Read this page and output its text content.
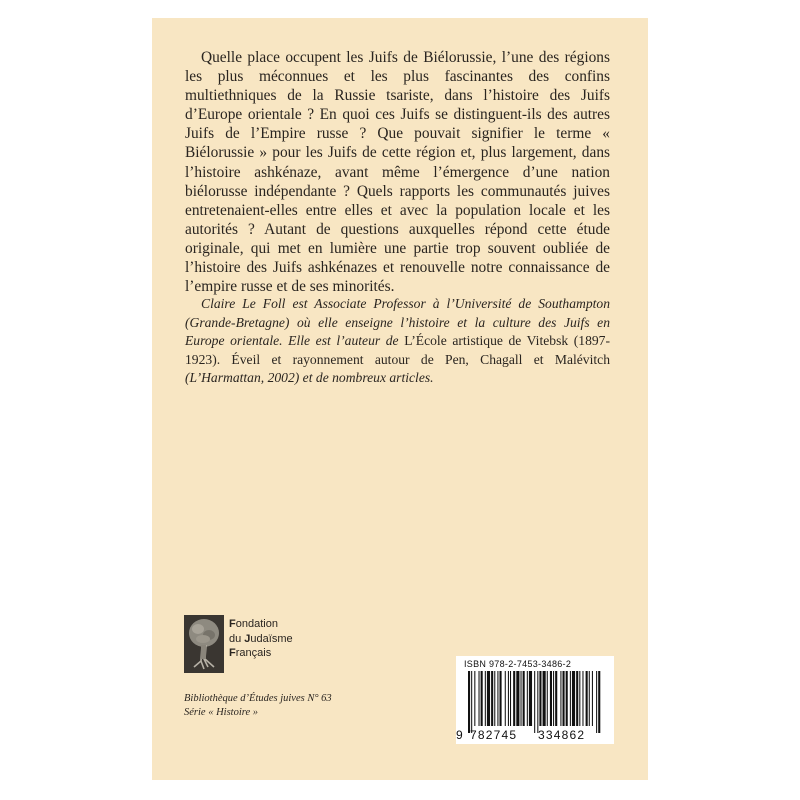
Quelle place occupent les Juifs de Biélorussie, l’une des régions les plus méconnues et les plus fascinantes des confins multiethniques de la Russie tsariste, dans l’histoire des Juifs d’Europe orientale ? En quoi ces Juifs se distinguent-ils des autres Juifs de l’Empire russe ? Que pouvait signifier le terme « Biélorussie » pour les Juifs de cette région et, plus largement, dans l’histoire ashkénaze, avant même l’émergence d’une nation biélorusse indépendante ? Quels rapports les communautés juives entretenaient-elles entre elles et avec la population locale et les autorités ? Autant de questions auxquelles répond cette étude originale, qui met en lumière une partie trop souvent oubliée de l’histoire des Juifs ashkénazes et renouvelle notre connaissance de l’empire russe et de ses minorités.

Claire Le Foll est Associate Professor à l’Université de Southampton (Grande-Bretagne) où elle enseigne l’histoire et la culture des Juifs en Europe orientale. Elle est l’auteur de L’École artistique de Vitebsk (1897-1923). Éveil et rayonnement autour de Pen, Chagall et Malévitch (L’Harmattan, 2002) et de nombreux articles.

Fondation
du Judaïsme
Français
Bibliothèque d’Études juives N° 63
Série « Histoire »
ISBN 978-2-7453-3486-2
9 782745 334862
